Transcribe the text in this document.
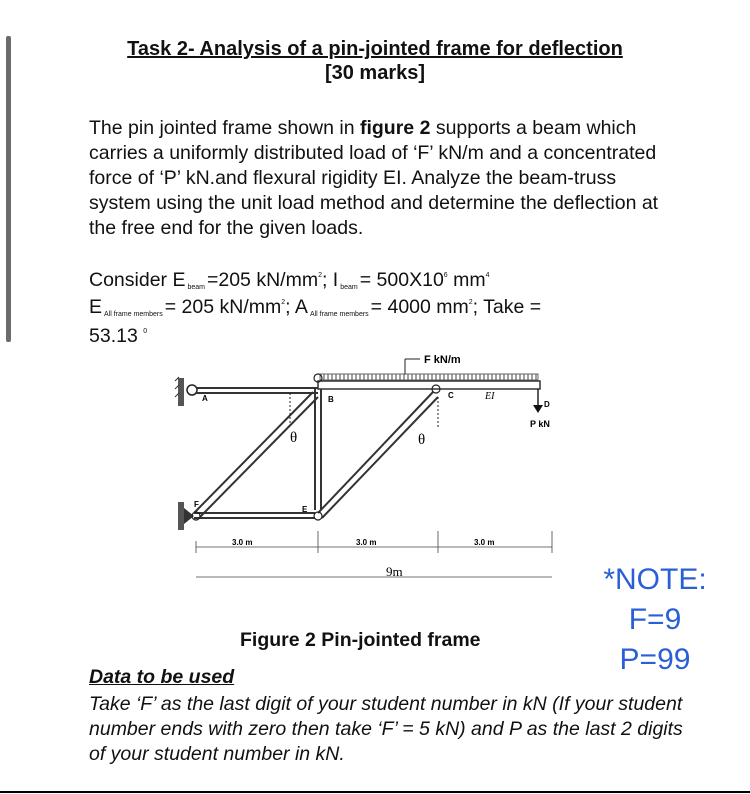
Task 2- Analysis of a pin-jointed frame for deflection
[30 marks]
The pin jointed frame shown in figure 2 supports a beam which carries a uniformly distributed load of ‘F’ kN/m and a concentrated force of ‘P’ kN.and flexural rigidity EI. Analyze the beam-truss system using the unit load method and determine the deflection at the free end for the given loads.
Consider E beam =205 $kN/mm^2$; I beam = $500X10^6$ $mm^4$
E All frame members = 205 $kN/mm^2$; A All frame members = 4000 $mm^2$; Take =
53.13 $^0$
F kN/m
θ	θ
A	B	C
D
E
F
EI
P kN
3.0 m	3.0 m	3.0 m
9m	*NOTE:
F=9
P=99
Figure 2 Pin-jointed frame
Data to be used
Take ‘F’ as the last digit of your student number in kN (If your student number ends with zero then take ‘F’ = 5 kN) and P as the last 2 digits of your student number in kN.
